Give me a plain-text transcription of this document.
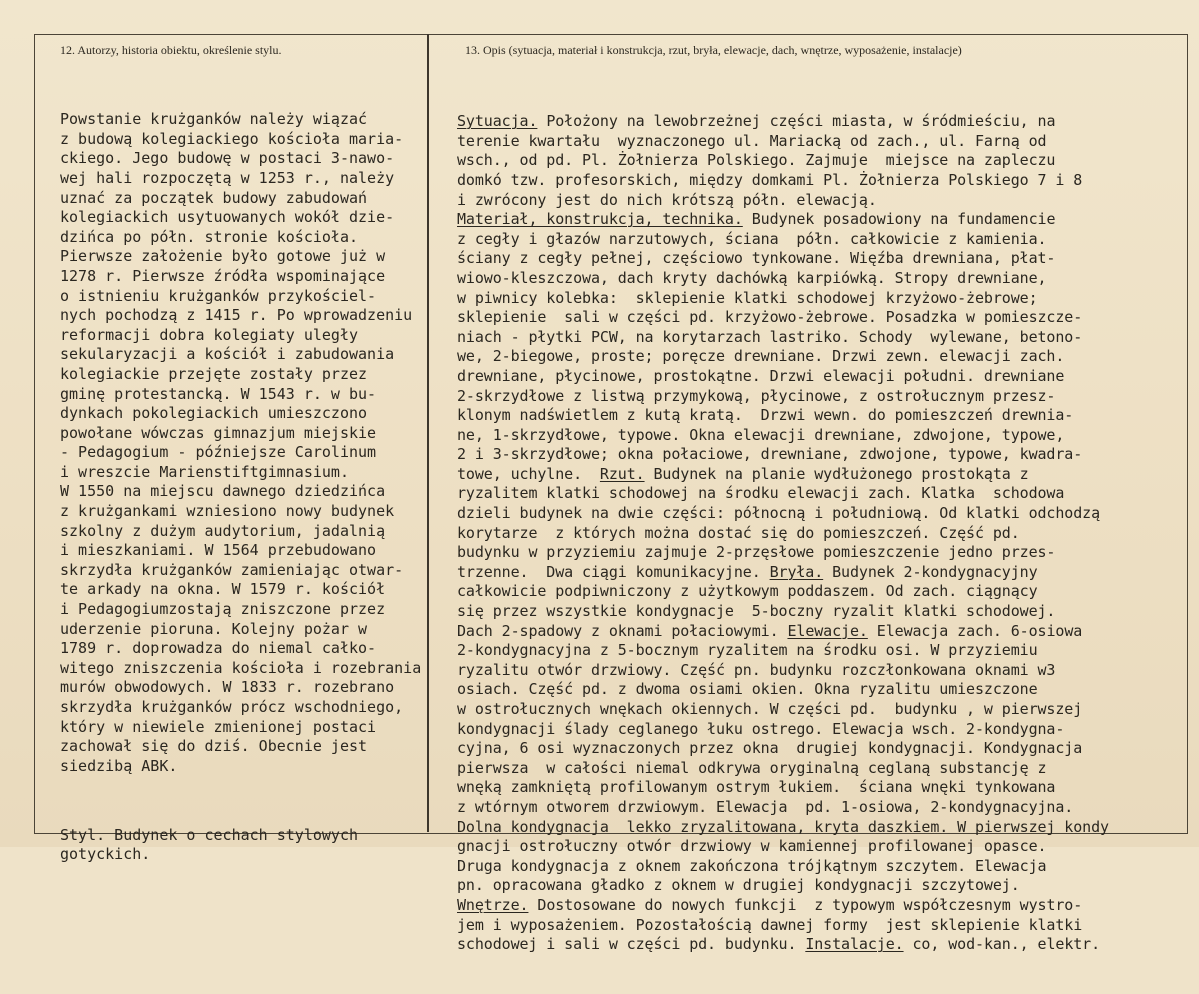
12. Autorzy, historia obiektu, określenie stylu.	13. Opis (sytuacja, materiał i konstrukcja, rzut, bryła, elewacje, dach, wnętrze, wyposażenie, instalacje)

Powstanie krużganków należy wiązać
z budową kolegiackiego kościoła maria-
ckiego. Jego budowę w postaci 3-nawo-
wej hali rozpoczętą w 1253 r., należy
uznać za początek budowy zabudowań
kolegiackich usytuowanych wokół dzie-
dzińca po półn. stronie kościoła.
Pierwsze założenie było gotowe już w
1278 r. Pierwsze źródła wspominające
o istnieniu krużganków przykościel-
nych pochodzą z 1415 r. Po wprowadzeniu
reformacji dobra kolegiaty uległy
sekularyzacji a kościół i zabudowania
kolegiackie przejęte zostały przez
gminę protestancką. W 1543 r. w bu-
dynkach pokolegiackich umieszczono
powołane wówczas gimnazjum miejskie
- Pedagogium - późniejsze Carolinum
i wreszcie Marienstiftgimnasium.
W 1550 na miejscu dawnego dziedzińca
z krużgankami wzniesiono nowy budynek
szkolny z dużym audytorium, jadalnią
i mieszkaniami. W 1564 przebudowano
skrzydła krużganków zamieniając otwar-
te arkady na okna. W 1579 r. kościół
i Pedagogiumzostają zniszczone przez
uderzenie pioruna. Kolejny pożar w
1789 r. doprowadza do niemal całko-
witego zniszczenia kościoła i rozebrania
murów obwodowych. W 1833 r. rozebrano
skrzydła krużganków prócz wschodniego,
który w niewiele zmienionej postaci
zachował się do dziś. Obecnie jest
siedzibą ABK.

Styl. Budynek o cechach stylowych
gotyckich.

Sytuacja. Położony na lewobrzeżnej części miasta, w śródmieściu, na
terenie kwartału  wyznaczonego ul. Mariacką od zach., ul. Farną od
wsch., od pd. Pl. Żołnierza Polskiego. Zajmuje  miejsce na zapleczu
domkó tzw. profesorskich, między domkami Pl. Żołnierza Polskiego 7 i 8
i zwrócony jest do nich krótszą półn. elewacją.
Materiał, konstrukcja, technika. Budynek posadowiony na fundamencie
z cegły i głazów narzutowych, ściana  półn. całkowicie z kamienia.
ściany z cegły pełnej, częściowo tynkowane. Więźba drewniana, płat-
wiowo-kleszczowa, dach kryty dachówką karpiówką. Stropy drewniane,
w piwnicy kolebka:  sklepienie klatki schodowej krzyżowo-żebrowe;
sklepienie  sali w części pd. krzyżowo-żebrowe. Posadzka w pomieszcze-
niach - płytki PCW, na korytarzach lastriko. Schody  wylewane, betono-
we, 2-biegowe, proste; poręcze drewniane. Drzwi zewn. elewacji zach.
drewniane, płycinowe, prostokątne. Drzwi elewacji południ. drewniane
2-skrzydłowe z listwą przymykową, płycinowe, z ostrołucznym przesz-
klonym nadświetlem z kutą kratą.  Drzwi wewn. do pomieszczeń drewnia-
ne, 1-skrzydłowe, typowe. Okna elewacji drewniane, zdwojone, typowe,
2 i 3-skrzydłowe; okna połaciowe, drewniane, zdwojone, typowe, kwadra-
towe, uchylne.  Rzut. Budynek na planie wydłużonego prostokąta z
ryzalitem klatki schodowej na środku elewacji zach. Klatka  schodowa
dzieli budynek na dwie części: północną i południową. Od klatki odchodzą
korytarze  z których można dostać się do pomieszczeń. Część pd.
budynku w przyziemiu zajmuje 2-przęsłowe pomieszczenie jedno przes-
trzenne.  Dwa ciągi komunikacyjne. Bryła. Budynek 2-kondygnacyjny
całkowicie podpiwniczony z użytkowym poddaszem. Od zach. ciągnący
się przez wszystkie kondygnacje  5-boczny ryzalit klatki schodowej.
Dach 2-spadowy z oknami połaciowymi. Elewacje. Elewacja zach. 6-osiowa
2-kondygnacyjna z 5-bocznym ryzalitem na środku osi. W przyziemiu
ryzalitu otwór drzwiowy. Część pn. budynku rozczłonkowana oknami w3
osiach. Część pd. z dwoma osiami okien. Okna ryzalitu umieszczone
w ostrołucznych wnękach okiennych. W części pd.  budynku , w pierwszej
kondygnacji ślady ceglanego łuku ostrego. Elewacja wsch. 2-kondygna-
cyjna, 6 osi wyznaczonych przez okna  drugiej kondygnacji. Kondygnacja
pierwsza  w całości niemal odkrywa oryginalną ceglaną substancję z
wnęką zamkniętą profilowanym ostrym łukiem.  ściana wnęki tynkowana
z wtórnym otworem drzwiowym. Elewacja  pd. 1-osiowa, 2-kondygnacyjna.
Dolna kondygnacja  lekko zryzalitowana, kryta daszkiem. W pierwszej kondy
gnacji ostrołuczny otwór drzwiowy w kamiennej profilowanej opasce.
Druga kondygnacja z oknem zakończona trójkątnym szczytem. Elewacja
pn. opracowana gładko z oknem w drugiej kondygnacji szczytowej.
Wnętrze. Dostosowane do nowych funkcji  z typowym współczesnym wystro-
jem i wyposażeniem. Pozostałością dawnej formy  jest sklepienie klatki
schodowej i sali w części pd. budynku. Instalacje. co, wod-kan., elektr.
